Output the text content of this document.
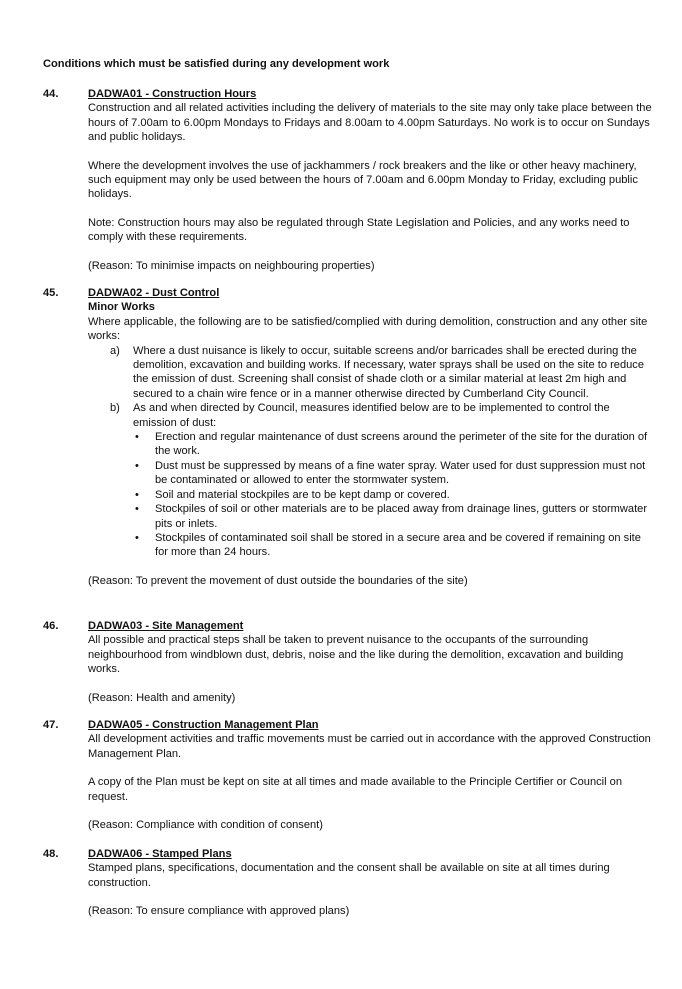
Conditions which must be satisfied during any development work
44.	DADWA01 - Construction Hours

Construction and all related activities including the delivery of materials to the site may only take place between the hours of 7.00am to 6.00pm Mondays to Fridays and 8.00am to 4.00pm Saturdays. No work is to occur on Sundays and public holidays.

Where the development involves the use of jackhammers / rock breakers and the like or other heavy machinery, such equipment may only be used between the hours of 7.00am and 6.00pm Monday to Friday, excluding public holidays.

Note: Construction hours may also be regulated through State Legislation and Policies, and any works need to comply with these requirements.

(Reason: To minimise impacts on neighbouring properties)

45.	DADWA02 - Dust Control
Minor Works

Where applicable, the following are to be satisfied/complied with during demolition, construction and any other site works:

a) Where a dust nuisance is likely to occur, suitable screens and/or barricades shall be erected during the demolition, excavation and building works. If necessary, water sprays shall be used on the site to reduce the emission of dust. Screening shall consist of shade cloth or a similar material at least 2m high and secured to a chain wire fence or in a manner otherwise directed by Cumberland City Council.
b) As and when directed by Council, measures identified below are to be implemented to control the emission of dust:
• Erection and regular maintenance of dust screens around the perimeter of the site for the duration of the work.
• Dust must be suppressed by means of a fine water spray. Water used for dust suppression must not be contaminated or allowed to enter the stormwater system.
• Soil and material stockpiles are to be kept damp or covered.
• Stockpiles of soil or other materials are to be placed away from drainage lines, gutters or stormwater pits or inlets.
• Stockpiles of contaminated soil shall be stored in a secure area and be covered if remaining on site for more than 24 hours.

(Reason: To prevent the movement of dust outside the boundaries of the site)

46.	DADWA03 - Site Management

All possible and practical steps shall be taken to prevent nuisance to the occupants of the surrounding neighbourhood from windblown dust, debris, noise and the like during the demolition, excavation and building works.

(Reason: Health and amenity)

47.	DADWA05 - Construction Management Plan

All development activities and traffic movements must be carried out in accordance with the approved Construction Management Plan.

A copy of the Plan must be kept on site at all times and made available to the Principle Certifier or Council on request.

(Reason: Compliance with condition of consent)

48.	DADWA06 - Stamped Plans

Stamped plans, specifications, documentation and the consent shall be available on site at all times during construction.

(Reason: To ensure compliance with approved plans)
